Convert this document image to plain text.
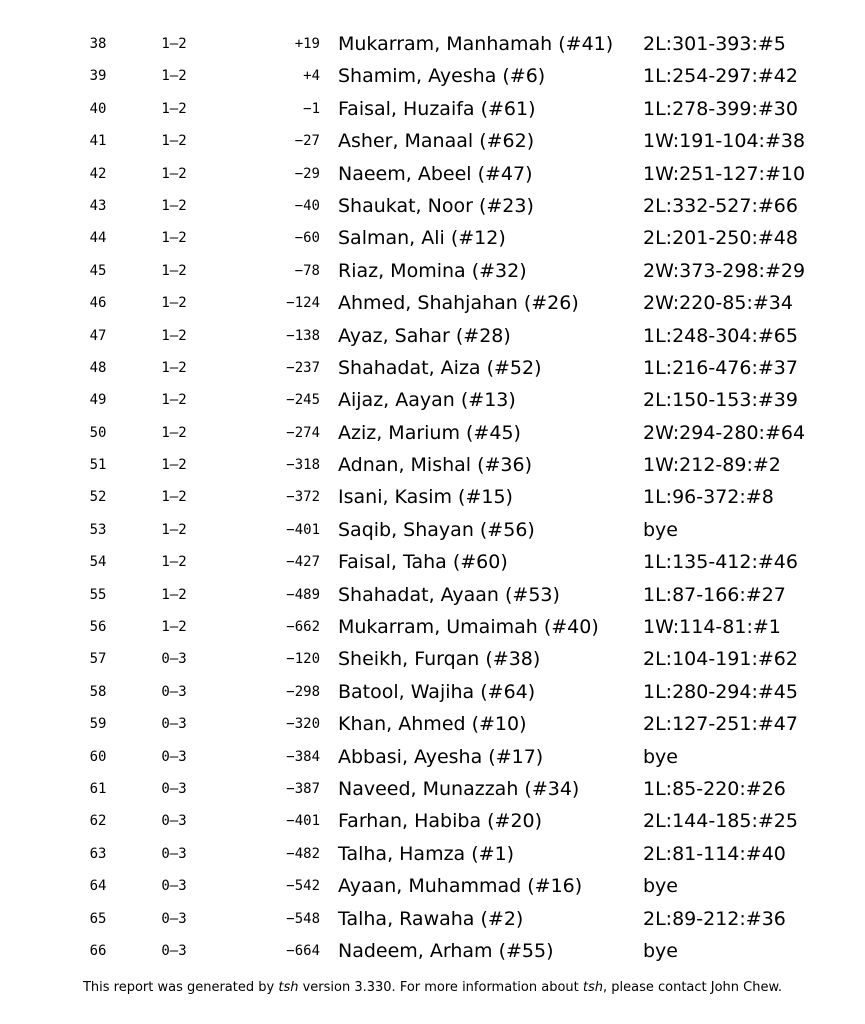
38	1–2	+19 Mukarram, Manhamah (#41) 2L:301-393:#5
39	1–2	+4 Shamim, Ayesha (#6)	1L:254-297:#42
40	1–2	−1 Faisal, Huzaifa (#61)	1L:278-399:#30
41	1–2	−27 Asher, Manaal (#62)	1W:191-104:#38
42	1–2	−29 Naeem, Abeel (#47)	1W:251-127:#10
43	1–2	−40 Shaukat, Noor (#23)	2L:332-527:#66
44	1–2	−60 Salman, Ali (#12)	2L:201-250:#48
45	1–2	−78 Riaz, Momina (#32)	2W:373-298:#29
46	1–2	−124 Ahmed, Shahjahan (#26)	2W:220-85:#34
47	1–2	−138 Ayaz, Sahar (#28)	1L:248-304:#65
48	1–2	−237 Shahadat, Aiza (#52)	1L:216-476:#37
49	1–2	−245 Aijaz, Aayan (#13)	2L:150-153:#39
50	1–2	−274 Aziz, Marium (#45)	2W:294-280:#64
51	1–2	−318 Adnan, Mishal (#36)	1W:212-89:#2
52	1–2	−372 Isani, Kasim (#15)	1L:96-372:#8
53	1–2	−401 Saqib, Shayan (#56)	bye
54	1–2	−427 Faisal, Taha (#60)	1L:135-412:#46
55	1–2	−489 Shahadat, Ayaan (#53)	1L:87-166:#27
56	1–2	−662 Mukarram, Umaimah (#40) 1W:114-81:#1
57	0–3	−120 Sheikh, Furqan (#38)	2L:104-191:#62
58	0–3	−298 Batool, Wajiha (#64)	1L:280-294:#45
59	0–3	−320 Khan, Ahmed (#10)	2L:127-251:#47
60	0–3	−384 Abbasi, Ayesha (#17)	bye
61	0–3	−387 Naveed, Munazzah (#34)	1L:85-220:#26
62	0–3	−401 Farhan, Habiba (#20)	2L:144-185:#25
63	0–3	−482 Talha, Hamza (#1)	2L:81-114:#40
64	0–3	−542 Ayaan, Muhammad (#16)	bye
65	0–3	−548 Talha, Rawaha (#2)	2L:89-212:#36
66	0–3	−664 Nadeem, Arham (#55)	bye
This report was generated by tsh version 3.330. For more information about tsh, please contact John Chew.
